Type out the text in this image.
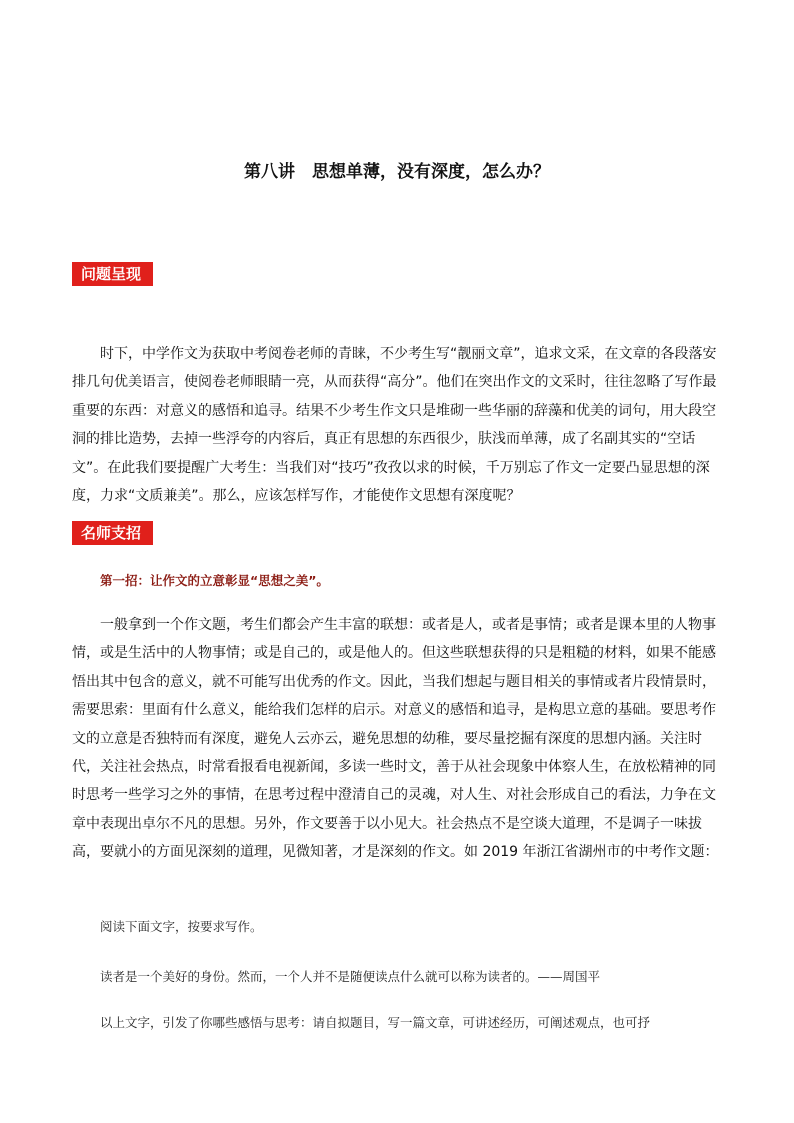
第八讲　思想单薄，没有深度，怎么办？
问题呈现

时下，中学作文为获取中考阅卷老师的青睐，不少考生写“靓丽文章”，追求文采，在文章的各段落安排几句优美语言，使阅卷老师眼睛一亮，从而获得“高分”。他们在突出作文的文采时，往往忽略了写作最重要的东西：对意义的感悟和追寻。结果不少考生作文只是堆砌一些华丽的辞藻和优美的词句，用大段空洞的排比造势，去掉一些浮夸的内容后，真正有思想的东西很少，肤浅而单薄，成了名副其实的“空话文”。在此我们要提醒广大考生：当我们对“技巧”孜孜以求的时候，千万别忘了作文一定要凸显思想的深度，力求“文质兼美”。那么，应该怎样写作，才能使作文思想有深度呢？

名师支招
第一招：让作文的立意彰显“思想之美”。

一般拿到一个作文题，考生们都会产生丰富的联想：或者是人，或者是事情；或者是课本里的人物事情，或是生活中的人物事情；或是自己的，或是他人的。但这些联想获得的只是粗糙的材料，如果不能感悟出其中包含的意义，就不可能写出优秀的作文。因此，当我们想起与题目相关的事情或者片段情景时，需要思索：里面有什么意义，能给我们怎样的启示。对意义的感悟和追寻，是构思立意的基础。要思考作文的立意是否独特而有深度，避免人云亦云，避免思想的幼稚，要尽量挖掘有深度的思想内涵。关注时代，关注社会热点，时常看报看电视新闻，多读一些时文，善于从社会现象中体察人生，在放松精神的同时思考一些学习之外的事情，在思考过程中澄清自己的灵魂，对人生、对社会形成自己的看法，力争在文章中表现出卓尔不凡的思想。另外，作文要善于以小见大。社会热点不是空谈大道理，不是调子一味拔高，要就小的方面见深刻的道理，见微知著，才是深刻的作文。如 2019 年浙江省湖州市的中考作文题：

阅读下面文字，按要求写作。
读者是一个美好的身份。然而，一个人并不是随便读点什么就可以称为读者的。——周国平
以上文字，引发了你哪些感悟与思考：请自拟题目，写一篇文章，可讲述经历，可阐述观点，也可抒
